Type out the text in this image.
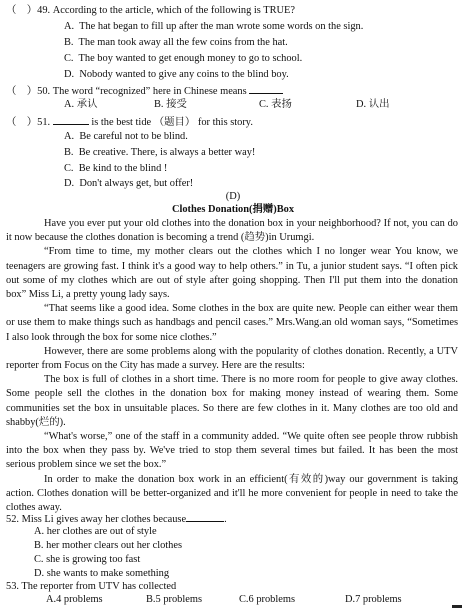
（　）49. According to the article, which of the following is TRUE?
A. The hat began to fill up after the man wrote some words on the sign.
B. The man took away all the few coins from the hat.
C. The boy wanted to get enough money to go to school.
D. Nobody wanted to give any coins to the blind boy.
（　）50. The word “recognized” here in Chinese means
A. 承认	B. 接受	C. 表扬	D. 认出
（　）51.	is the best tide （题目） for this story.
A. Be careful not to be blind.
B. Be creative. There, is always a better way!
C. Be kind to the blind !
D. Don't always get, but offer!
(D)
Clothes Donation(捐赠)Box

Have you ever put your old clothes into the donation box in your neighborhood? If not, you can do it now because the clothes donation is becoming a trend (趋势)in Urumgi.

“From time to time, my mother clears out the clothes which I no longer wear You know, we teenagers are growing fast. I think it's a good way to help others.” in Tu, a junior student says. “I often pick out some of my clothes which are out of style after going shopping. Then I'll put them into the donation box” Miss Li, a pretty young lady says.

“That seems like a good idea. Some clothes in the box are quite new. People can either wear them or use them to make things such as handbags and pencil cases.” Mrs.Wang.an old woman says, “Sometimes I also look through the box for some nice clothes.”

However, there are some problems along with the popularity of clothes donation. Recently, a UTV reporter from Focus on the City has made a survey. Here are the results:

The box is full of clothes in a short time. There is no more room for people to give away clothes. Some people sell the clothes in the donation box for making money instead of wearing them. Some communities set the box in unsuitable places. So there are few clothes in it. Many clothes are too old and shabby(烂的).

“What's worse,” one of the staff in a community added. “We quite often see people throw rubbish into the box when they pass by. We've tried to stop them several times but failed. It has been the most serious problem since we set the box.”

In order to make the donation box work in an efficient(有效的)way our government is taking action. Clothes donation will be better-organized and it'll he more convenient for people in need to take the clothes away.

52. Miss Li gives away her clothes because	.
A. her clothes are out of style
B. her mother clears out her clothes
C. she is growing too fast
D. she wants to make something
53. The reporter from UTV has collected
A.4 problems	B.5 problems	C.6 problems	D.7 problems
